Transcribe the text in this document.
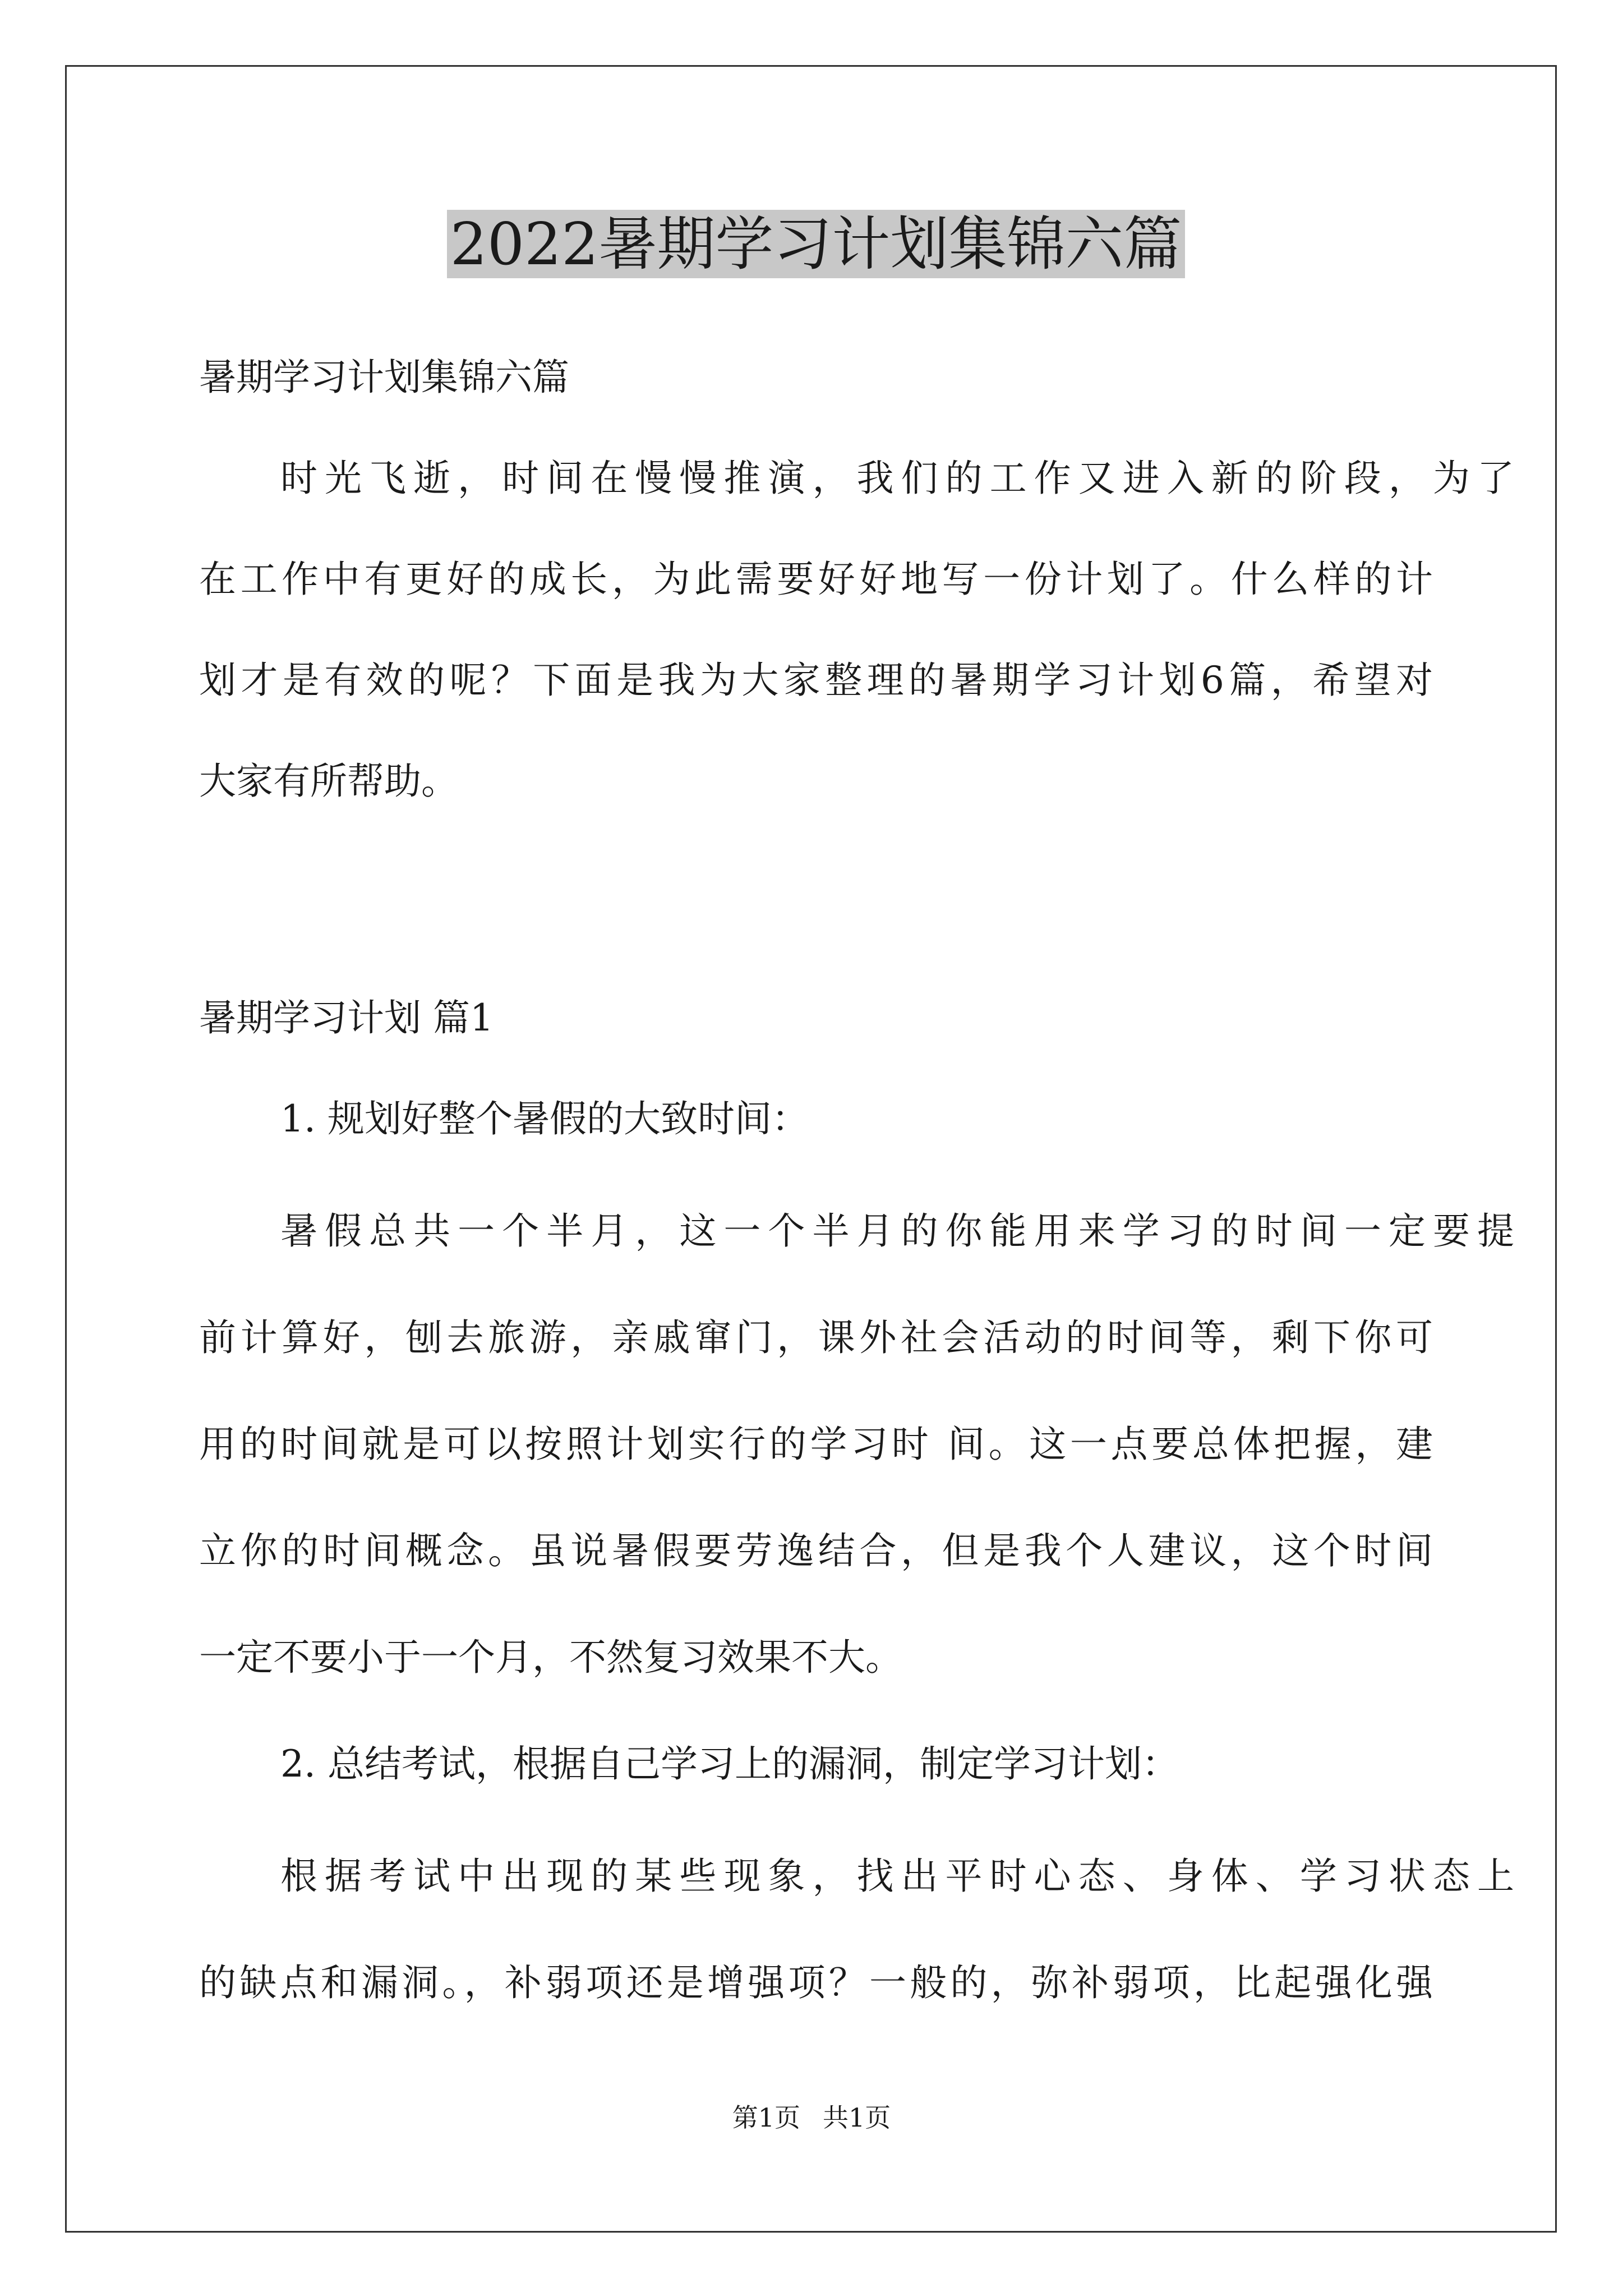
2022暑期学习计划集锦六篇

暑期学习计划集锦六篇

时光飞逝，时间在慢慢推演，我们的工作又进入新的阶段，为了

在工作中有更好的成长，为此需要好好地写一份计划了。什么样的计

划才是有效的呢？下面是我为大家整理的暑期学习计划6篇，希望对

大家有所帮助。

暑期学习计划 篇1

1. 规划好整个暑假的大致时间：

暑假总共一个半月，这一个半月的你能用来学习的时间一定要提

前计算好，刨去旅游，亲戚窜门，课外社会活动的时间等，剩下你可

用的时间就是可以按照计划实行的学习时 间。这一点要总体把握，建

立你的时间概念。虽说暑假要劳逸结合，但是我个人建议，这个时间

一定不要小于一个月，不然复习效果不大。

2. 总结考试，根据自己学习上的漏洞，制定学习计划：

根据考试中出现的某些现象，找出平时心态、身体、学习状态上

的缺点和漏洞。，补弱项还是增强项？一般的，弥补弱项，比起强化强

第1页 共1页
